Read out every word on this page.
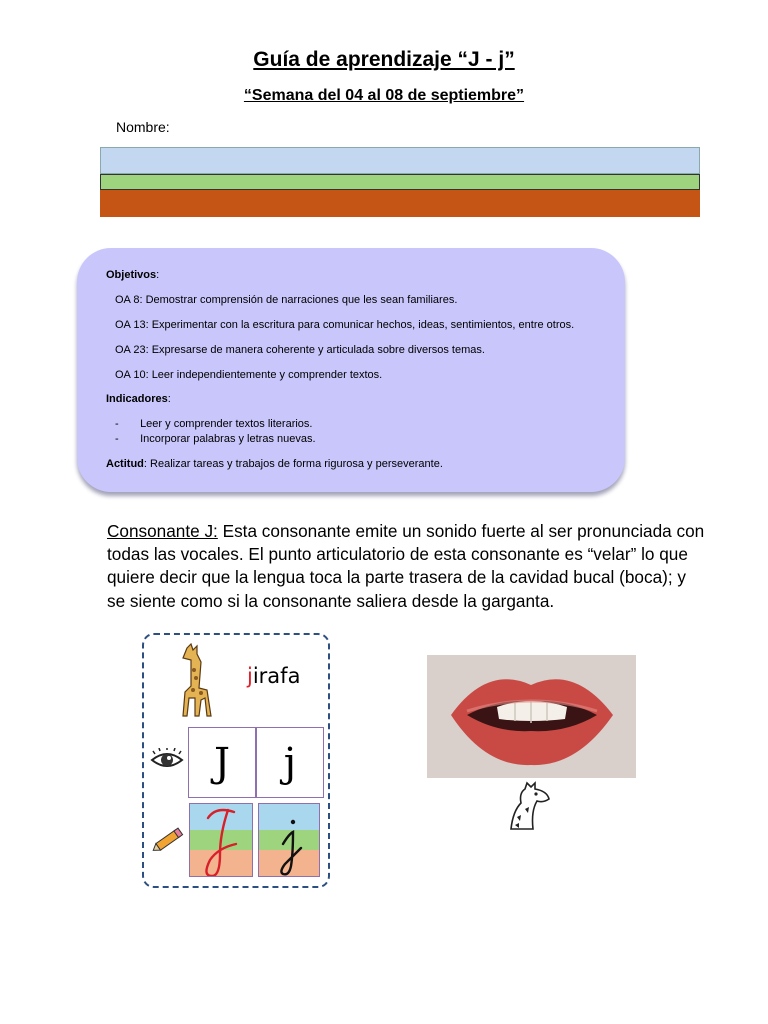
Guía de aprendizaje “J - j”
“Semana del 04 al 08 de septiembre”
Nombre:
Objetivos:
OA 8: Demostrar comprensión de narraciones que les sean familiares.
OA 13: Experimentar con la escritura para comunicar hechos, ideas, sentimientos, entre otros.
OA 23: Expresarse de manera coherente y articulada sobre diversos temas.
OA 10: Leer independientemente y comprender textos.
Indicadores:
-       Leer y comprender textos literarios.
-       Incorporar palabras y letras nuevas.
Actitud: Realizar tareas y trabajos de forma rigurosa y perseverante.
Consonante J: Esta consonante emite un sonido fuerte al ser pronunciada con todas las vocales. El punto articulatorio de esta consonante es “velar” lo que quiere decir que la lengua toca la parte trasera de la cavidad bucal (boca); y se siente como si la consonante saliera desde la garganta.
jirafa
J	j
